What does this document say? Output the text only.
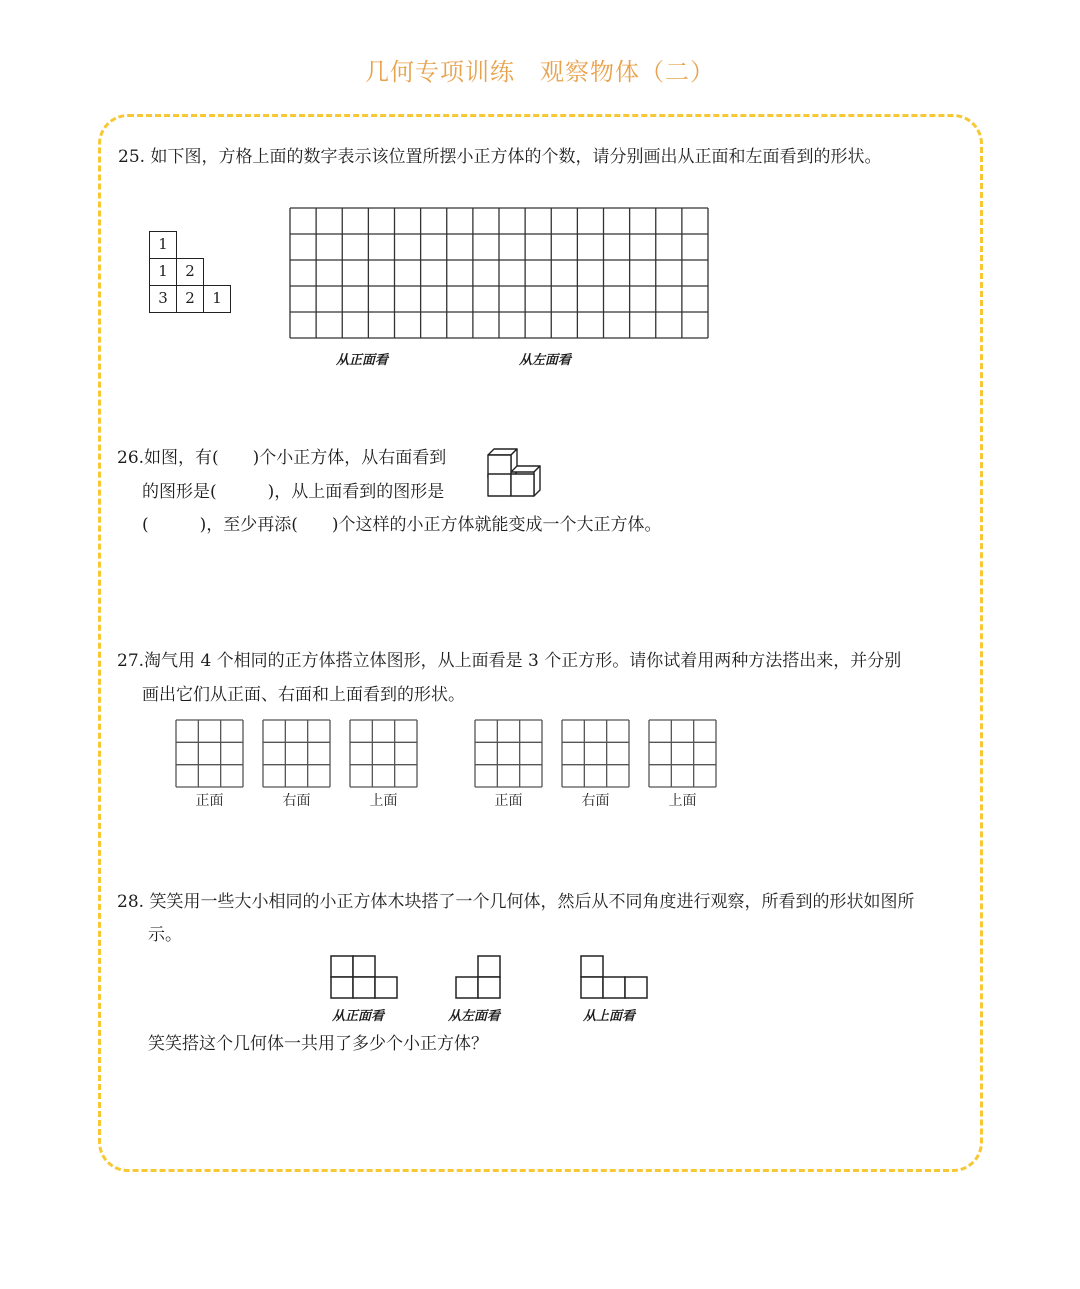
几何专项训练　观察物体（二）
25. 如下图，方格上面的数字表示该位置所摆小正方体的个数，请分别画出从正面和左面看到的形状。
1
1	2
3	2	1
从正面看	从左面看
26.如图，有(　　)个小正方体，从右面看到
的图形是(　　　)，从上面看到的图形是
(　　　)，至少再添(　　)个这样的小正方体就能变成一个大正方体。
27.淘气用 4 个相同的正方体搭立体图形，从上面看是 3 个正方形。请你试着用两种方法搭出来，并分别
画出它们从正面、右面和上面看到的形状。
正面	右面	上面	正面	右面	上面
28. 笑笑用一些大小相同的小正方体木块搭了一个几何体，然后从不同角度进行观察，所看到的形状如图所
示。
从正面看	从左面看	从上面看
笑笑搭这个几何体一共用了多少个小正方体？
